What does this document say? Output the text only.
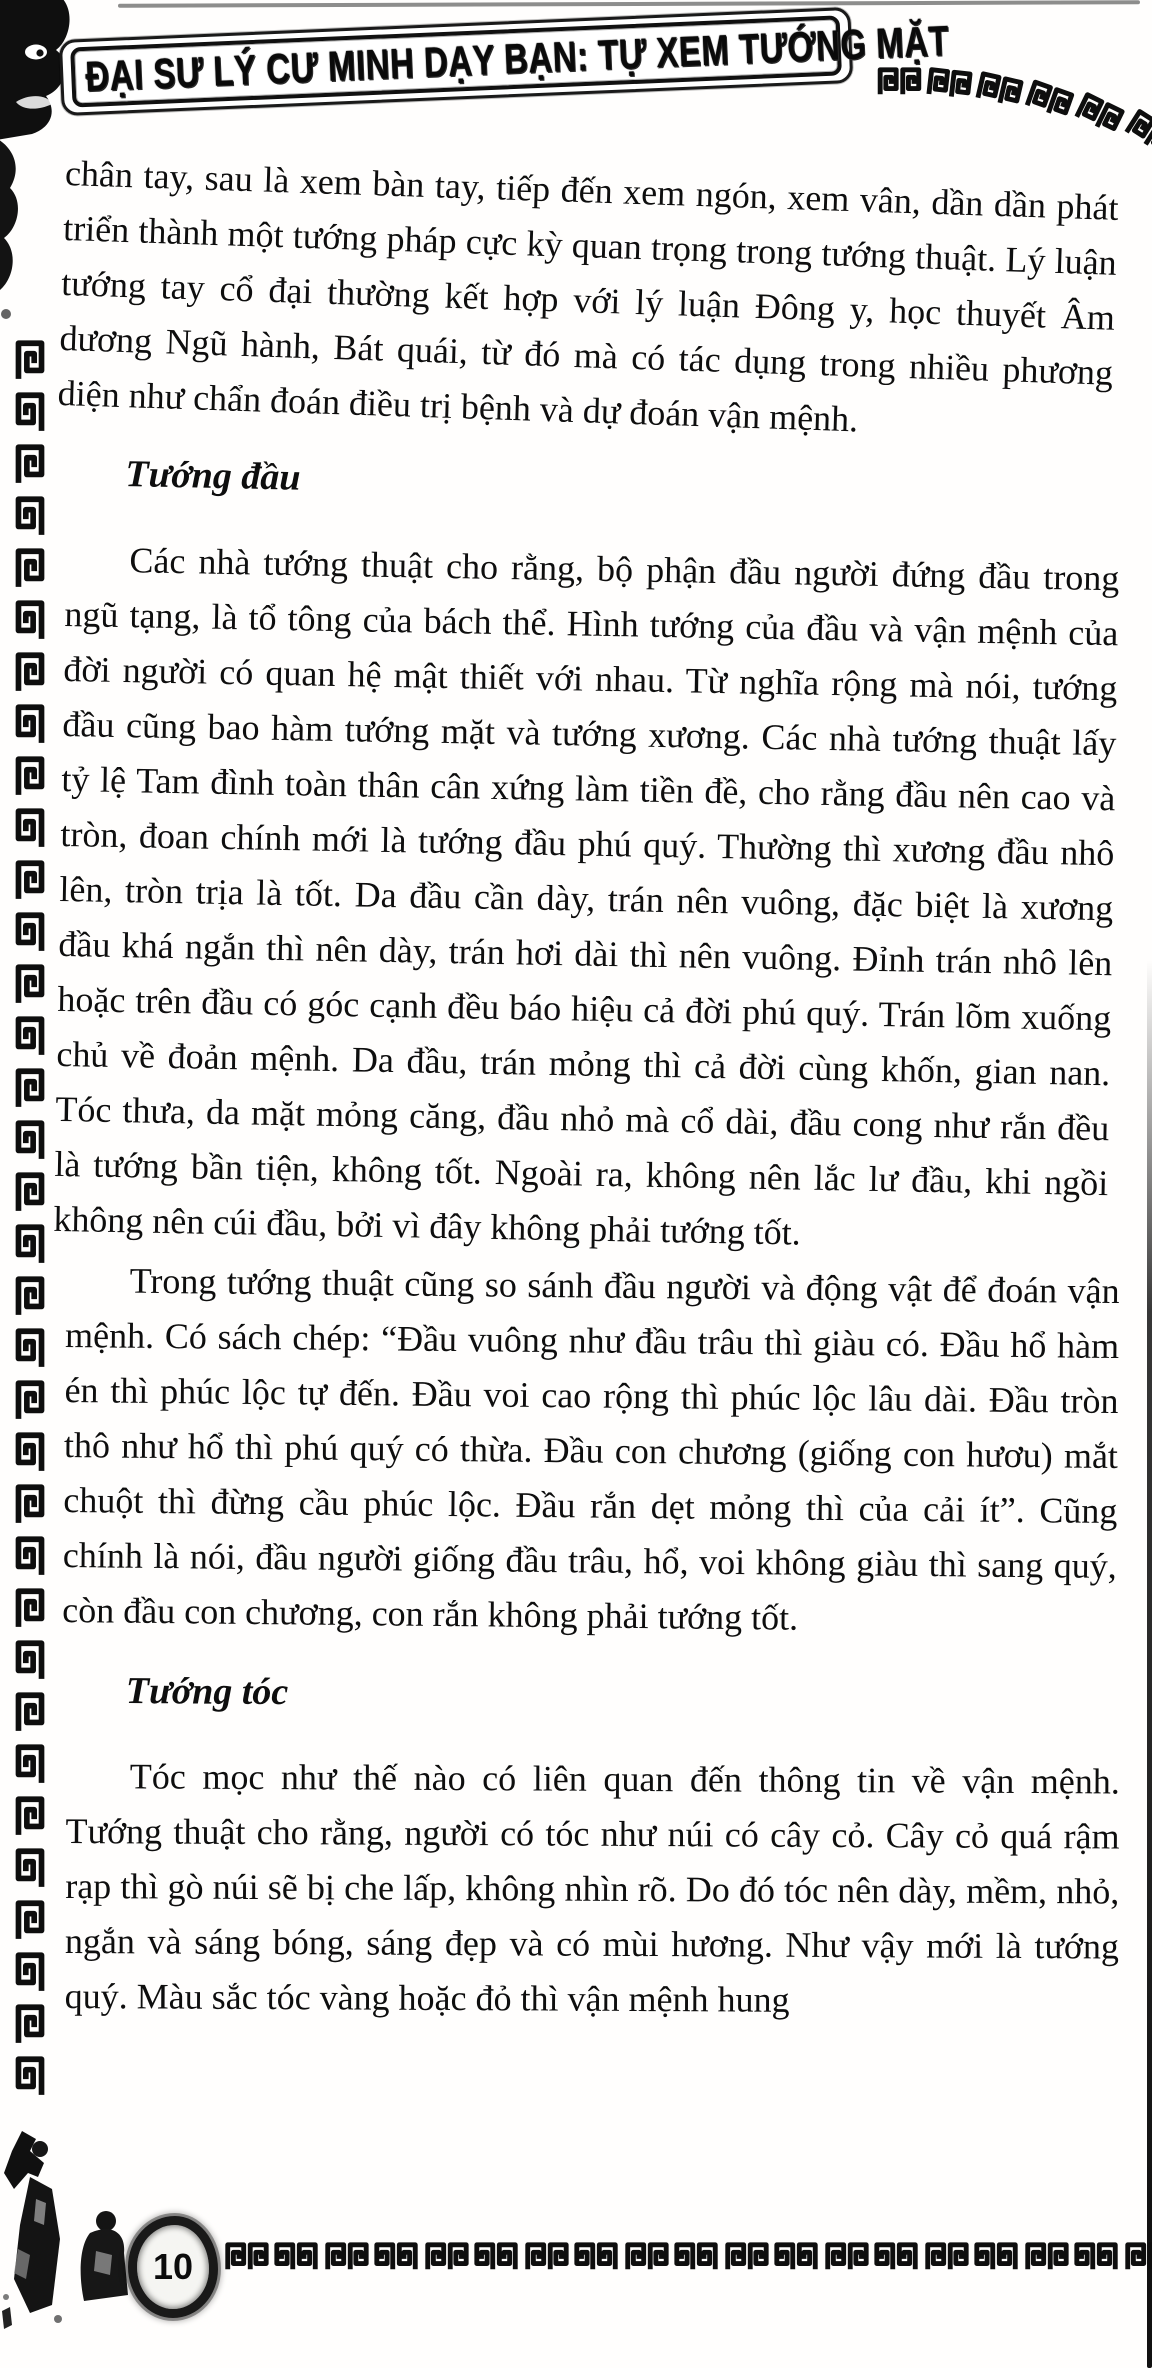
ĐẠI SƯ LÝ CƯ MINH DẠY BẠN: TỰ XEM TƯỚNG MẶT

chân tay, sau là xem bàn tay, tiếp đến xem ngón, xem vân, dần dần phát triển thành một tướng pháp cực kỳ quan trọng trong tướng thuật. Lý luận tướng tay cổ đại thường kết hợp với lý luận Đông y, học thuyết Âm dương Ngũ hành, Bát quái, từ đó mà có tác dụng trong nhiều phương diện như chẩn đoán điều trị bệnh và dự đoán vận mệnh.

Tướng đầu

Các nhà tướng thuật cho rằng, bộ phận đầu người đứng đầu trong ngũ tạng, là tổ tông của bách thể. Hình tướng của đầu và vận mệnh của đời người có quan hệ mật thiết với nhau. Từ nghĩa rộng mà nói, tướng đầu cũng bao hàm tướng mặt và tướng xương. Các nhà tướng thuật lấy tỷ lệ Tam đình toàn thân cân xứng làm tiền đề, cho rằng đầu nên cao và tròn, đoan chính mới là tướng đầu phú quý. Thường thì xương đầu nhô lên, tròn trịa là tốt. Da đầu cần dày, trán nên vuông, đặc biệt là xương đầu khá ngắn thì nên dày, trán hơi dài thì nên vuông. Đỉnh trán nhô lên hoặc trên đầu có góc cạnh đều báo hiệu cả đời phú quý. Trán lõm xuống chủ về đoản mệnh. Da đầu, trán mỏng thì cả đời cùng khốn, gian nan. Tóc thưa, da mặt mỏng căng, đầu nhỏ mà cổ dài, đầu cong như rắn đều là tướng bần tiện, không tốt. Ngoài ra, không nên lắc lư đầu, khi ngồi không nên cúi đầu, bởi vì đây không phải tướng tốt.

Trong tướng thuật cũng so sánh đầu người và động vật để đoán vận mệnh. Có sách chép: “Đầu vuông như đầu trâu thì giàu có. Đầu hổ hàm én thì phúc lộc tự đến. Đầu voi cao rộng thì phúc lộc lâu dài. Đầu tròn thô như hổ thì phú quý có thừa. Đầu con chương (giống con hươu) mắt chuột thì đừng cầu phúc lộc. Đầu rắn dẹt mỏng thì của cải ít”. Cũng chính là nói, đầu người giống đầu trâu, hổ, voi không giàu thì sang quý, còn đầu con chương, con rắn không phải tướng tốt.

Tướng tóc

Tóc mọc như thế nào có liên quan đến thông tin về vận mệnh. Tướng thuật cho rằng, người có tóc như núi có cây cỏ. Cây cỏ quá rậm rạp thì gò núi sẽ bị che lấp, không nhìn rõ. Do đó tóc nên dày, mềm, nhỏ, ngắn và sáng bóng, sáng đẹp và có mùi hương. Như vậy mới là tướng quý. Màu sắc tóc vàng hoặc đỏ thì vận mệnh hung

10
